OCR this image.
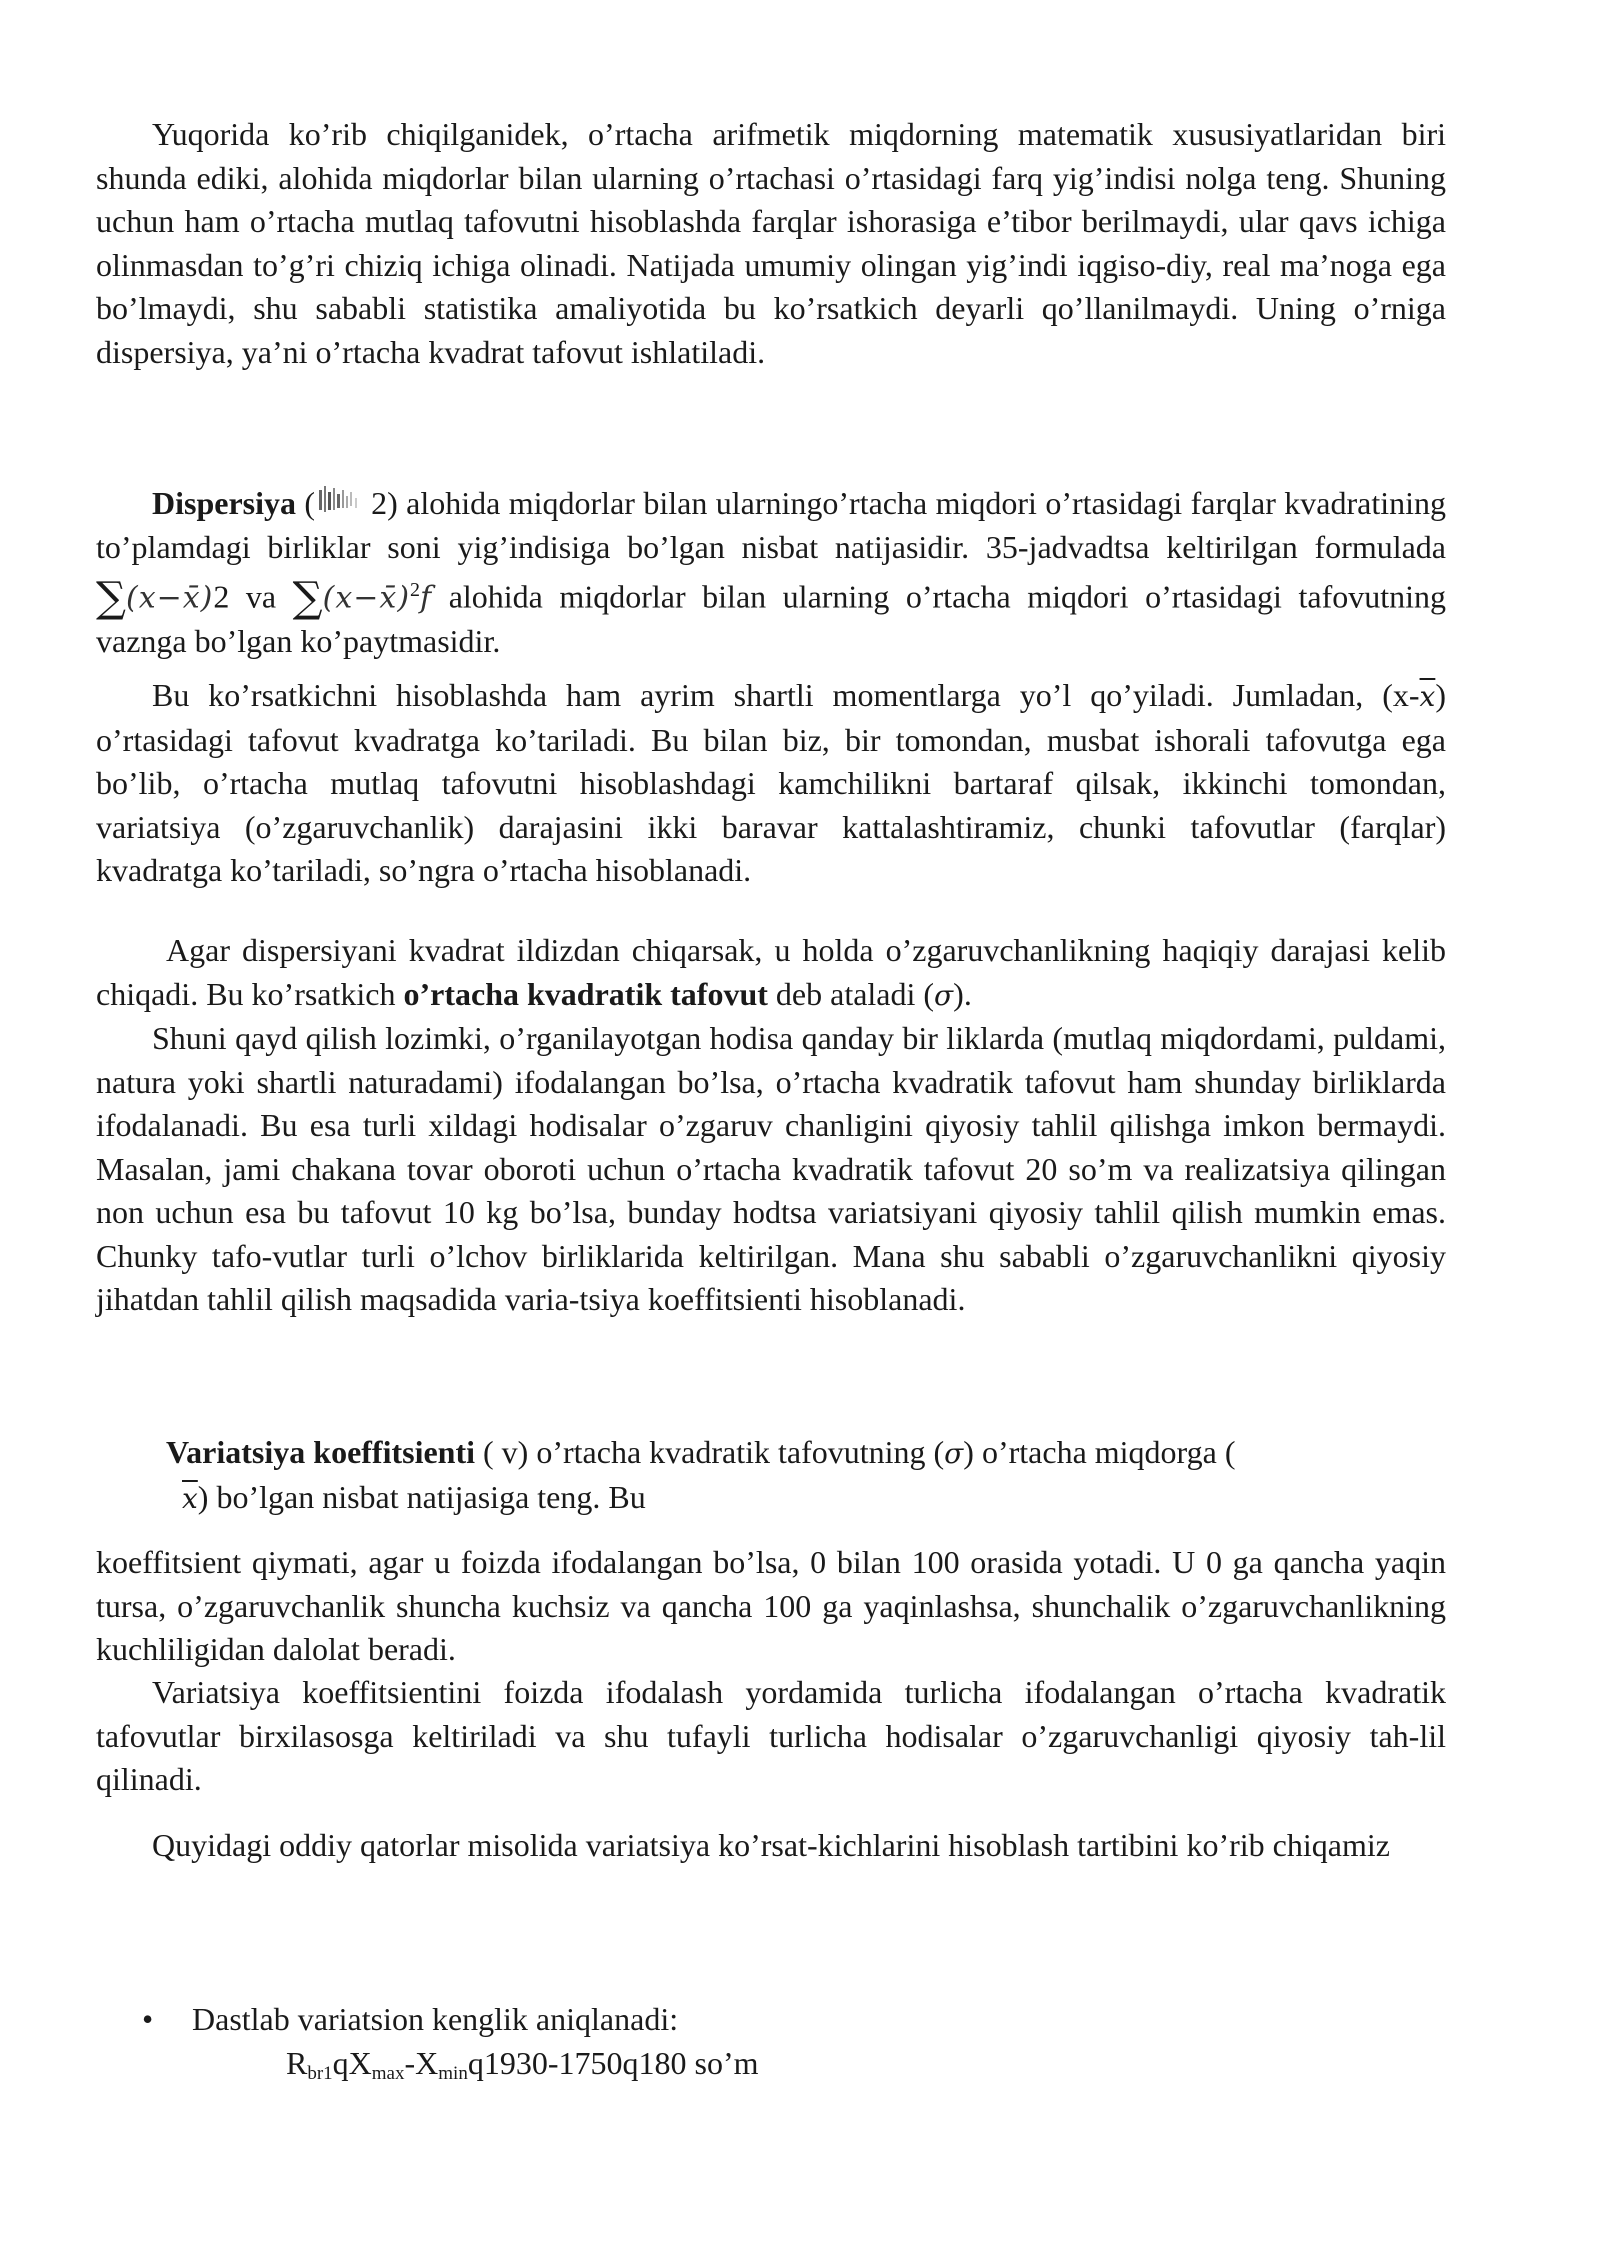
Yuqorida ko’rib chiqilganidek, o’rtacha arifmetik miqdorning matematik xususiyatlaridan biri shunda ediki, alohida miqdorlar bilan ularning o’rtachasi o’rtasidagi farq yig’indisi nolga teng. Shuning uchun ham o’rtacha mutlaq tafovutni hisoblashda farqlar ishorasiga e’tibor berilmaydi, ular qavs ichiga olinmasdan to’g’ri chiziq ichiga olinadi. Natijada umumiy olingan yig’indi iqgiso-diy, real ma’noga ega bo’lmaydi, shu sababli statistika amaliyotida bu ko’rsatkich deyarli qo’llanilmaydi. Uning o’rniga dispersiya, ya’ni o’rtacha kvadrat tafovut ishlatiladi.

Dispersiya ( 2) alohida miqdorlar bilan ularningo’rtacha miqdori o’rtasidagi farqlar kvadratining to’plamdagi birliklar soni yig’indisiga bo’lgan nisbat natijasidir. 35-jadvadtsa keltirilgan formulada ∑(x−x̄)2 va ∑(x−x̄)$^2$f alohida miqdorlar bilan ularning o’rtacha miqdori o’rtasidagi tafovutning vaznga bo’lgan ko’paytmasidir.

Bu ko’rsatkichni hisoblashda ham ayrim shartli momentlarga yo’l qo’yiladi. Jumladan, $(x-\overline{x})$ o’rtasidagi tafovut kvadratga ko’tariladi. Bu bilan biz, bir tomondan, musbat ishorali tafovutga ega bo’lib, o’rtacha mutlaq tafovutni hisoblashdagi kamchilikni bartaraf qilsak, ikkinchi tomondan, variatsiya (o’zgaruvchanlik) darajasini ikki baravar kattalashtiramiz, chunki tafovutlar (farqlar) kvadratga ko’tariladi, so’ngra o’rtacha hisoblanadi.

Agar dispersiyani kvadrat ildizdan chiqarsak, u holda o’zgaruvchanlikning haqiqiy darajasi kelib chiqadi. Bu ko’rsatkich o’rtacha kvadratik tafovut deb ataladi (σ).

Shuni qayd qilish lozimki, o’rganilayotgan hodisa qanday bir liklarda (mutlaq miqdordami, puldami, natura yoki shartli naturadami) ifodalangan bo’lsa, o’rtacha kvadratik tafovut ham shunday birliklarda ifodalanadi. Bu esa turli xildagi hodisalar o’zgaruv chanligini qiyosiy tahlil qilishga imkon bermaydi. Masalan, jami chakana tovar oboroti uchun o’rtacha kvadratik tafovut 20 so’m va realizatsiya qilingan non uchun esa bu tafovut 10 kg bo’lsa, bunday hodtsa variatsiyani qiyosiy tahlil qilish mumkin emas. Chunky tafo-vutlar turli o’lchov birliklarida keltirilgan. Mana shu sababli o’zgaruvchanlikni qiyosiy jihatdan tahlil qilish maqsadida varia-tsiya koeffitsienti hisoblanadi.

Variatsiya koeffitsienti ( v) o’rtacha kvadratik tafovutning (σ) o’rtacha miqdorga (
$\overline{x}$) bo’lgan nisbat natijasiga teng. Bu

koeffitsient qiymati, agar u foizda ifodalangan bo’lsa, 0 bilan 100 orasida yotadi. U 0 ga qancha yaqin tursa, o’zgaruvchanlik shuncha kuchsiz va qancha 100 ga yaqinlashsa, shunchalik o’zgaruvchanlikning kuchliligidan dalolat beradi.

Variatsiya koeffitsientini foizda ifodalash yordamida turlicha ifodalangan o’rtacha kvadratik tafovutlar birxilasosga keltiriladi va shu tufayli turlicha hodisalar o’zgaruvchanligi qiyosiy tah-lil qilinadi.

Quyidagi oddiy qatorlar misolida variatsiya ko’rsat-kichlarini hisoblash tartibini ko’rib chiqamiz

• Dastlab variatsion kenglik aniqlanadi:
Rbr1qXmax-Xminq1930-1750q180 so’m
